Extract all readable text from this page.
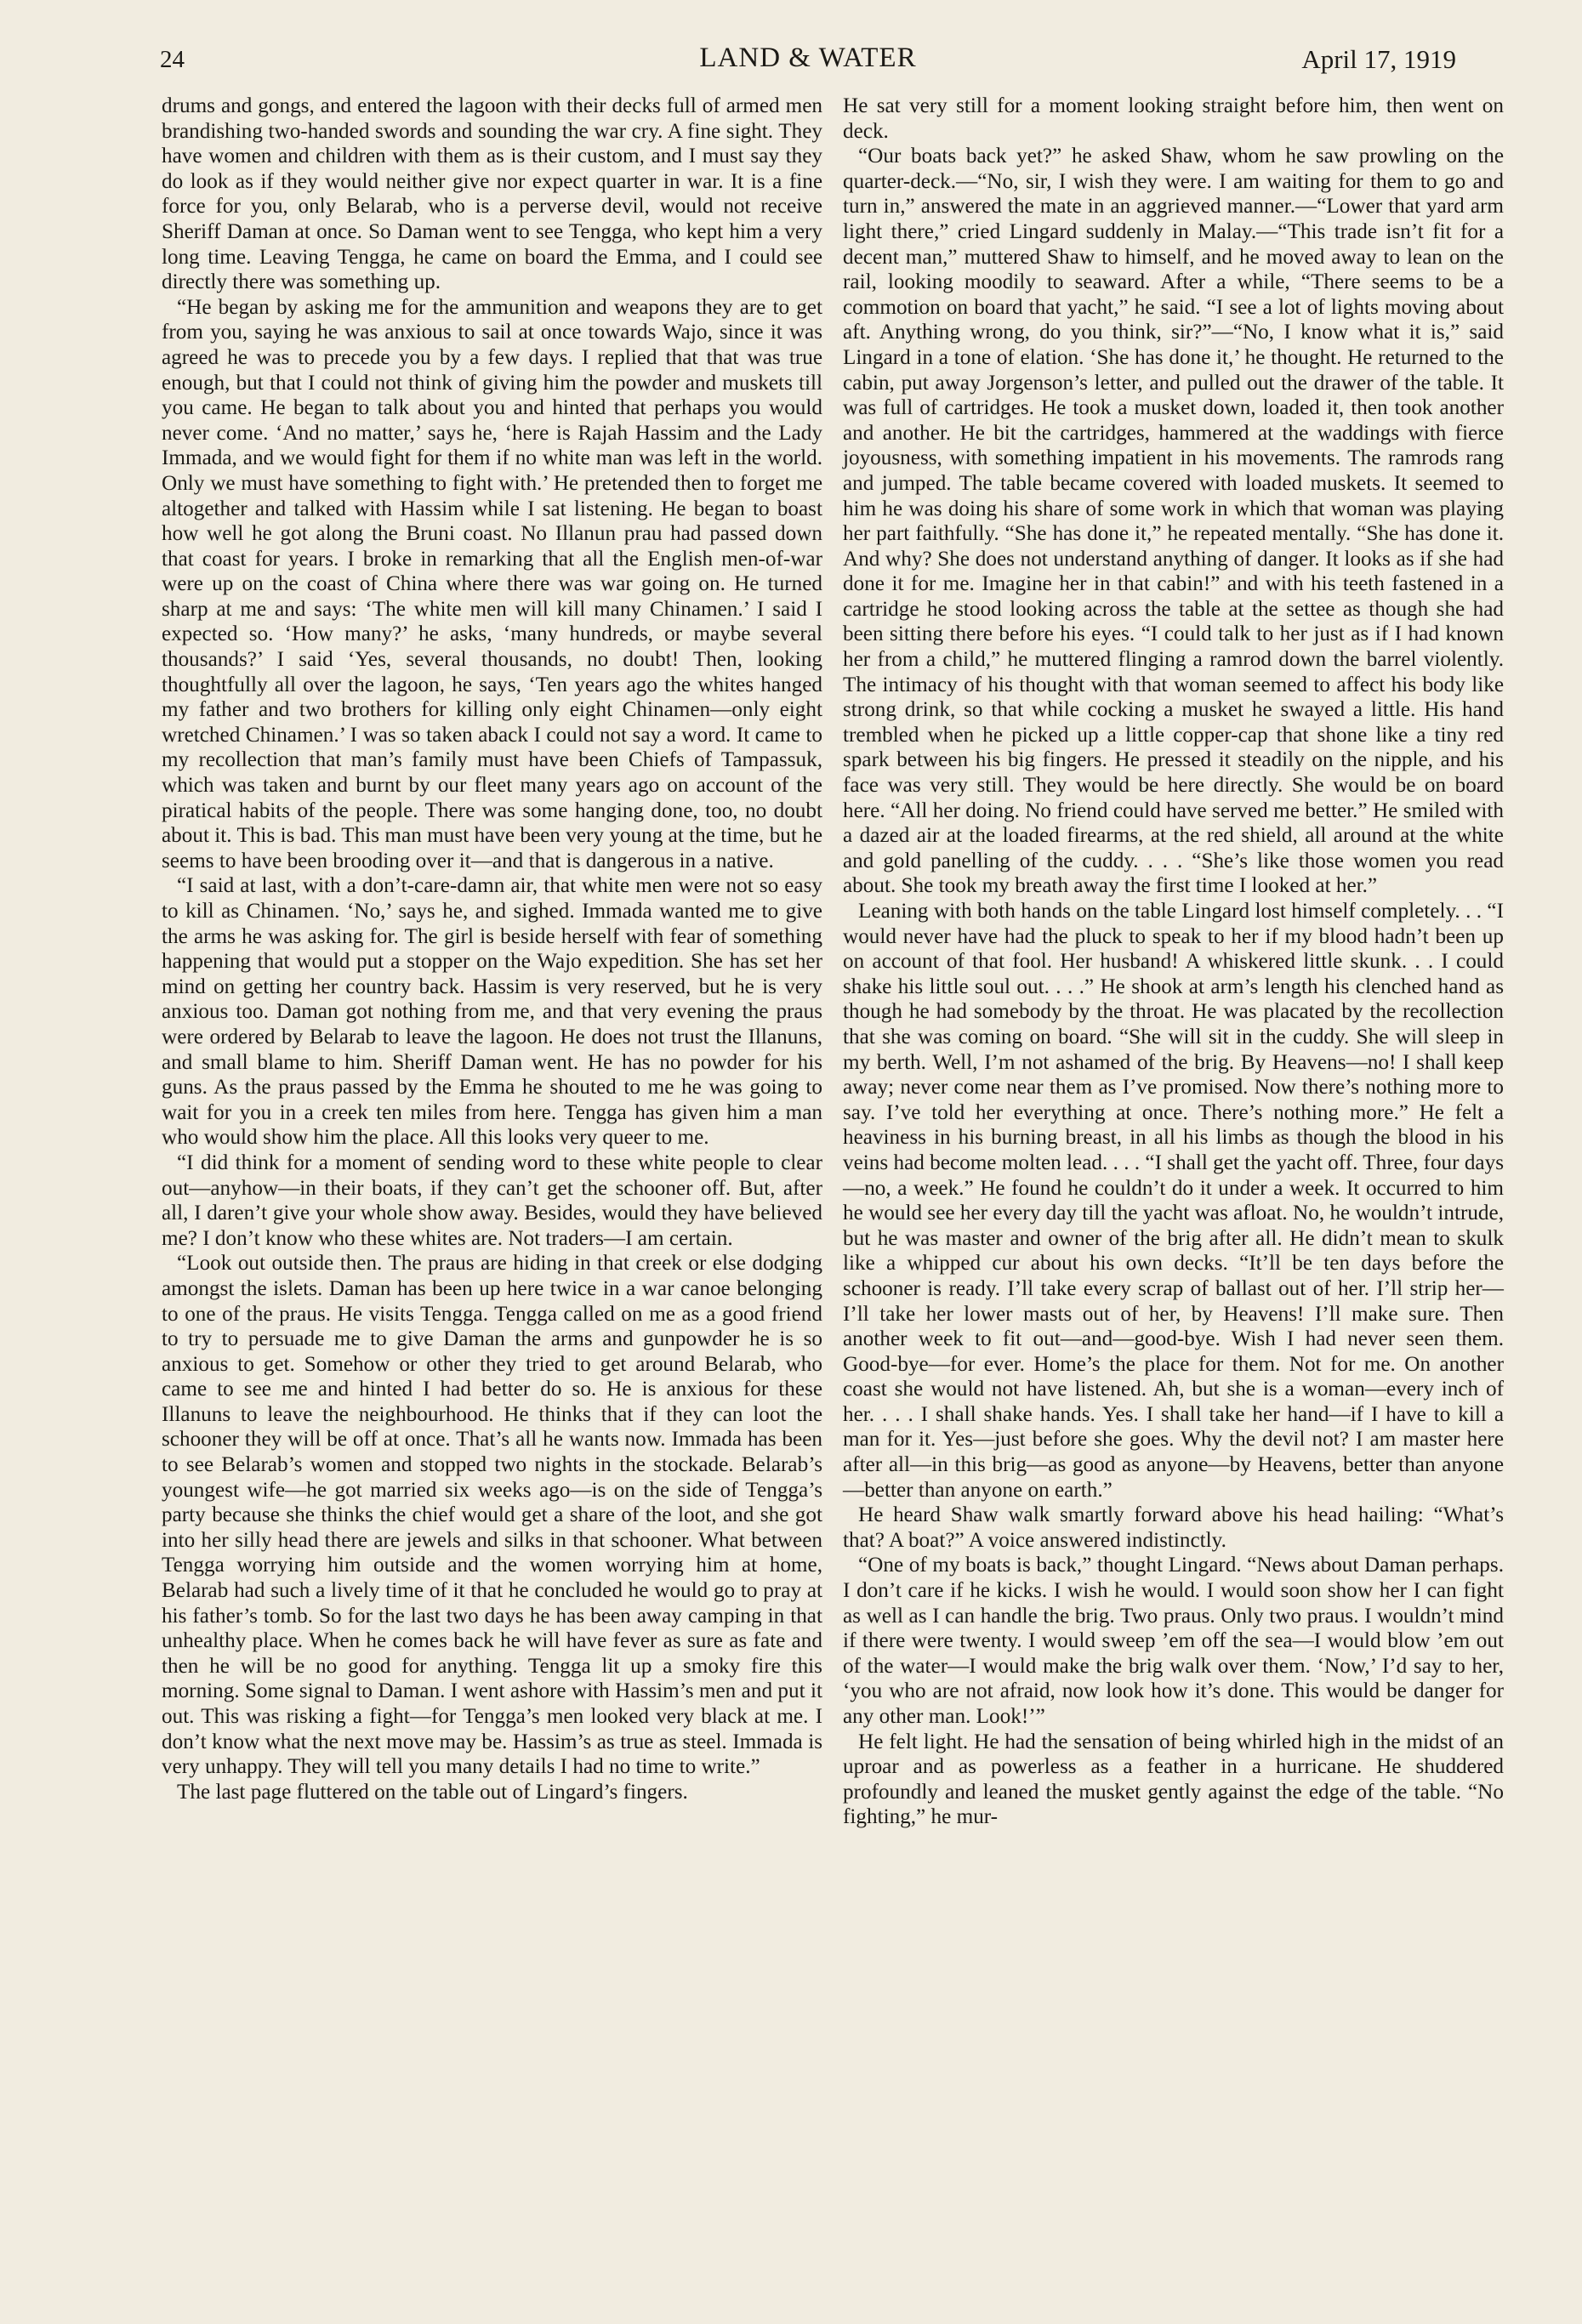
24	LAND & WATER	April 17, 1919

drums and gongs, and entered the lagoon with their decks full of armed men brandishing two-handed swords and sounding the war cry. A fine sight. They have women and children with them as is their custom, and I must say they do look as if they would neither give nor expect quarter in war. It is a fine force for you, only Belarab, who is a perverse devil, would not receive Sheriff Daman at once. So Daman went to see Tengga, who kept him a very long time. Leaving Tengga, he came on board the Emma, and I could see directly there was something up.

“He began by asking me for the ammunition and weapons they are to get from you, saying he was anxious to sail at once towards Wajo, since it was agreed he was to precede you by a few days. I replied that that was true enough, but that I could not think of giving him the powder and muskets till you came. He began to talk about you and hinted that perhaps you would never come. ‘And no matter,’ says he, ‘here is Rajah Hassim and the Lady Immada, and we would fight for them if no white man was left in the world. Only we must have something to fight with.’ He pretended then to forget me altogether and talked with Hassim while I sat listening. He began to boast how well he got along the Bruni coast. No Illanun prau had passed down that coast for years. I broke in remarking that all the English men-of-war were up on the coast of China where there was war going on. He turned sharp at me and says: ‘The white men will kill many Chinamen.’ I said I expected so. ‘How many?’ he asks, ‘many hundreds, or maybe several thousands?’ I said ‘Yes, several thousands, no doubt! Then, looking thoughtfully all over the lagoon, he says, ‘Ten years ago the whites hanged my father and two brothers for killing only eight Chinamen—only eight wretched Chinamen.’ I was so taken aback I could not say a word. It came to my recollection that man’s family must have been Chiefs of Tampassuk, which was taken and burnt by our fleet many years ago on account of the piratical habits of the people. There was some hanging done, too, no doubt about it. This is bad. This man must have been very young at the time, but he seems to have been brooding over it—and that is dangerous in a native.

“I said at last, with a don’t-care-damn air, that white men were not so easy to kill as Chinamen. ‘No,’ says he, and sighed. Immada wanted me to give the arms he was asking for. The girl is beside herself with fear of something happening that would put a stopper on the Wajo expedition. She has set her mind on getting her country back. Hassim is very reserved, but he is very anxious too. Daman got nothing from me, and that very evening the praus were ordered by Belarab to leave the lagoon. He does not trust the Illanuns, and small blame to him. Sheriff Daman went. He has no powder for his guns. As the praus passed by the Emma he shouted to me he was going to wait for you in a creek ten miles from here. Tengga has given him a man who would show him the place. All this looks very queer to me.

“I did think for a moment of sending word to these white people to clear out—anyhow—in their boats, if they can’t get the schooner off. But, after all, I daren’t give your whole show away. Besides, would they have believed me? I don’t know who these whites are. Not traders—I am certain.

“Look out outside then. The praus are hiding in that creek or else dodging amongst the islets. Daman has been up here twice in a war canoe belonging to one of the praus. He visits Tengga. Tengga called on me as a good friend to try to persuade me to give Daman the arms and gunpowder he is so anxious to get. Somehow or other they tried to get around Belarab, who came to see me and hinted I had better do so. He is anxious for these Illanuns to leave the neighbourhood. He thinks that if they can loot the schooner they will be off at once. That’s all he wants now. Immada has been to see Belarab’s women and stopped two nights in the stockade. Belarab’s youngest wife—he got married six weeks ago—is on the side of Tengga’s party because she thinks the chief would get a share of the loot, and she got into her silly head there are jewels and silks in that schooner. What between Tengga worrying him outside and the women worrying him at home, Belarab had such a lively time of it that he concluded he would go to pray at his father’s tomb. So for the last two days he has been away camping in that unhealthy place. When he comes back he will have fever as sure as fate and then he will be no good for anything. Tengga lit up a smoky fire this morning. Some signal to Daman. I went ashore with Hassim’s men and put it out. This was risking a fight—for Tengga’s men looked very black at me. I don’t know what the next move may be. Hassim’s as true as steel. Immada is very unhappy. They will tell you many details I had no time to write.”

The last page fluttered on the table out of Lingard’s fingers.

He sat very still for a moment looking straight before him, then went on deck.

“Our boats back yet?” he asked Shaw, whom he saw prowling on the quarter-deck.—“No, sir, I wish they were. I am waiting for them to go and turn in,” answered the mate in an aggrieved manner.—“Lower that yard arm light there,” cried Lingard suddenly in Malay.—“This trade isn’t fit for a decent man,” muttered Shaw to himself, and he moved away to lean on the rail, looking moodily to seaward. After a while, “There seems to be a commotion on board that yacht,” he said. “I see a lot of lights moving about aft. Anything wrong, do you think, sir?”—“No, I know what it is,” said Lingard in a tone of elation. ‘She has done it,’ he thought. He returned to the cabin, put away Jorgenson’s letter, and pulled out the drawer of the table. It was full of cartridges. He took a musket down, loaded it, then took another and another. He bit the cartridges, hammered at the waddings with fierce joyousness, with something impatient in his movements. The ramrods rang and jumped. The table became covered with loaded muskets. It seemed to him he was doing his share of some work in which that woman was playing her part faithfully. “She has done it,” he repeated mentally. “She has done it. And why? She does not understand anything of danger. It looks as if she had done it for me. Imagine her in that cabin!” and with his teeth fastened in a cartridge he stood looking across the table at the settee as though she had been sitting there before his eyes. “I could talk to her just as if I had known her from a child,” he muttered flinging a ramrod down the barrel violently. The intimacy of his thought with that woman seemed to affect his body like strong drink, so that while cocking a musket he swayed a little. His hand trembled when he picked up a little copper-cap that shone like a tiny red spark between his big fingers. He pressed it steadily on the nipple, and his face was very still. They would be here directly. She would be on board here. “All her doing. No friend could have served me better.” He smiled with a dazed air at the loaded firearms, at the red shield, all around at the white and gold panelling of the cuddy. . . . “She’s like those women you read about. She took my breath away the first time I looked at her.”

Leaning with both hands on the table Lingard lost himself completely. . . “I would never have had the pluck to speak to her if my blood hadn’t been up on account of that fool. Her husband! A whiskered little skunk. . . I could shake his little soul out. . . .” He shook at arm’s length his clenched hand as though he had somebody by the throat. He was placated by the recollection that she was coming on board. “She will sit in the cuddy. She will sleep in my berth. Well, I’m not ashamed of the brig. By Heavens—no! I shall keep away; never come near them as I’ve promised. Now there’s nothing more to say. I’ve told her everything at once. There’s nothing more.” He felt a heaviness in his burning breast, in all his limbs as though the blood in his veins had become molten lead. . . . “I shall get the yacht off. Three, four days—no, a week.” He found he couldn’t do it under a week. It occurred to him he would see her every day till the yacht was afloat. No, he wouldn’t intrude, but he was master and owner of the brig after all. He didn’t mean to skulk like a whipped cur about his own decks. “It’ll be ten days before the schooner is ready. I’ll take every scrap of ballast out of her. I’ll strip her—I’ll take her lower masts out of her, by Heavens! I’ll make sure. Then another week to fit out—and—good-bye. Wish I had never seen them. Good-bye—for ever. Home’s the place for them. Not for me. On another coast she would not have listened. Ah, but she is a woman—every inch of her. . . . I shall shake hands. Yes. I shall take her hand—if I have to kill a man for it. Yes—just before she goes. Why the devil not? I am master here after all—in this brig—as good as anyone—by Heavens, better than anyone—better than anyone on earth.”

He heard Shaw walk smartly forward above his head hailing: “What’s that? A boat?” A voice answered indistinctly.

“One of my boats is back,” thought Lingard. “News about Daman perhaps. I don’t care if he kicks. I wish he would. I would soon show her I can fight as well as I can handle the brig. Two praus. Only two praus. I wouldn’t mind if there were twenty. I would sweep ’em off the sea—I would blow ’em out of the water—I would make the brig walk over them. ‘Now,’ I’d say to her, ‘you who are not afraid, now look how it’s done. This would be danger for any other man. Look!’”

He felt light. He had the sensation of being whirled high in the midst of an uproar and as powerless as a feather in a hurricane. He shuddered profoundly and leaned the musket gently against the edge of the table. “No fighting,” he mur-
